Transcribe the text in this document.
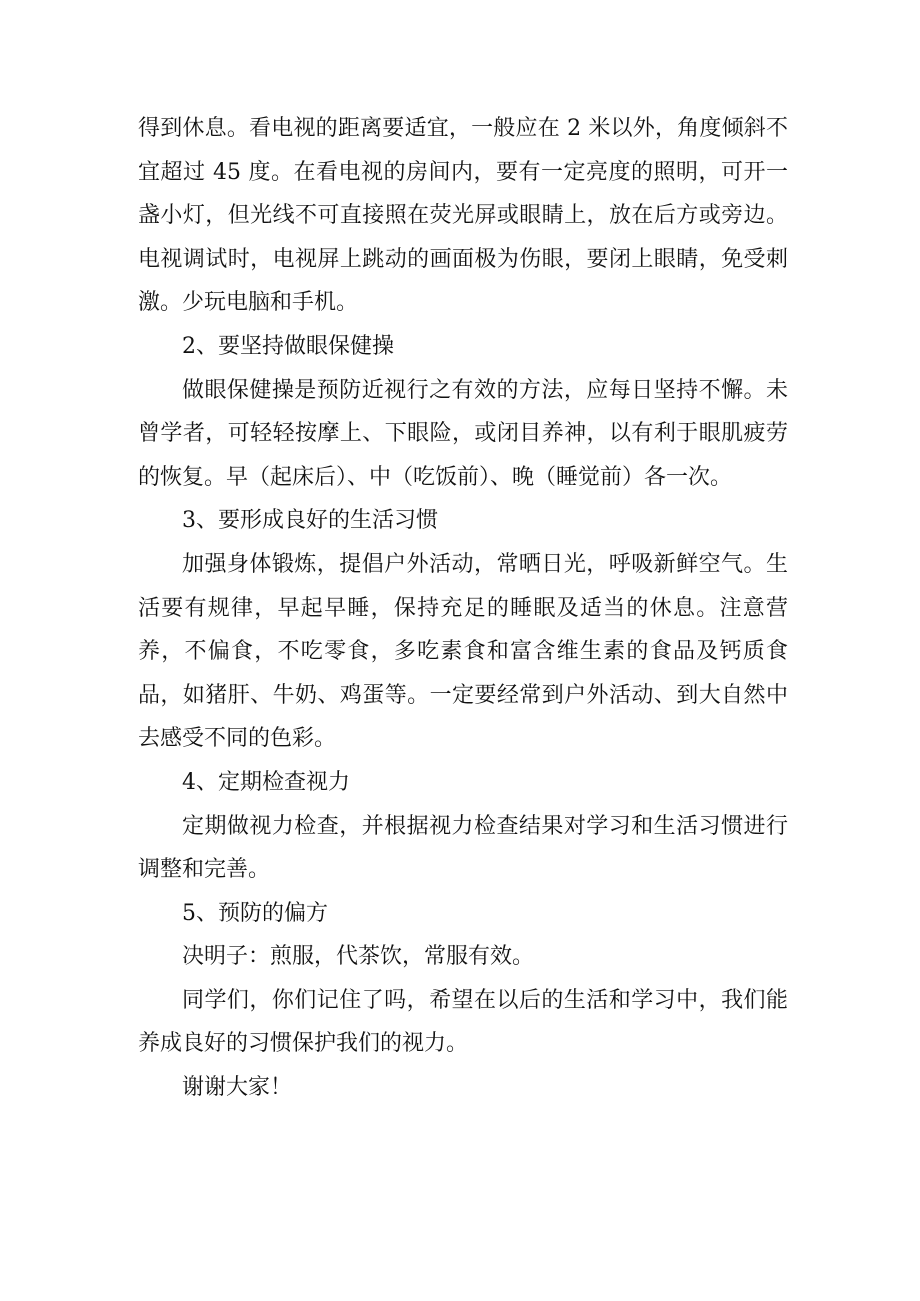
得到休息。看电视的距离要适宜，一般应在 2 米以外，角度倾斜不宜超过 45 度。在看电视的房间内，要有一定亮度的照明，可开一盏小灯，但光线不可直接照在荧光屏或眼睛上，放在后方或旁边。电视调试时，电视屏上跳动的画面极为伤眼，要闭上眼睛，免受刺激。少玩电脑和手机。

2、要坚持做眼保健操

做眼保健操是预防近视行之有效的方法，应每日坚持不懈。未曾学者，可轻轻按摩上、下眼险，或闭目养神，以有利于眼肌疲劳的恢复。早（起床后）、中（吃饭前）、晚（睡觉前）各一次。

3、要形成良好的生活习惯

加强身体锻炼，提倡户外活动，常晒日光，呼吸新鲜空气。生活要有规律，早起早睡，保持充足的睡眠及适当的休息。注意营养，不偏食，不吃零食，多吃素食和富含维生素的食品及钙质食品，如猪肝、牛奶、鸡蛋等。一定要经常到户外活动、到大自然中去感受不同的色彩。

4、定期检查视力

定期做视力检查，并根据视力检查结果对学习和生活习惯进行调整和完善。

5、预防的偏方

决明子：煎服，代茶饮，常服有效。

同学们，你们记住了吗，希望在以后的生活和学习中，我们能养成良好的习惯保护我们的视力。

谢谢大家！
